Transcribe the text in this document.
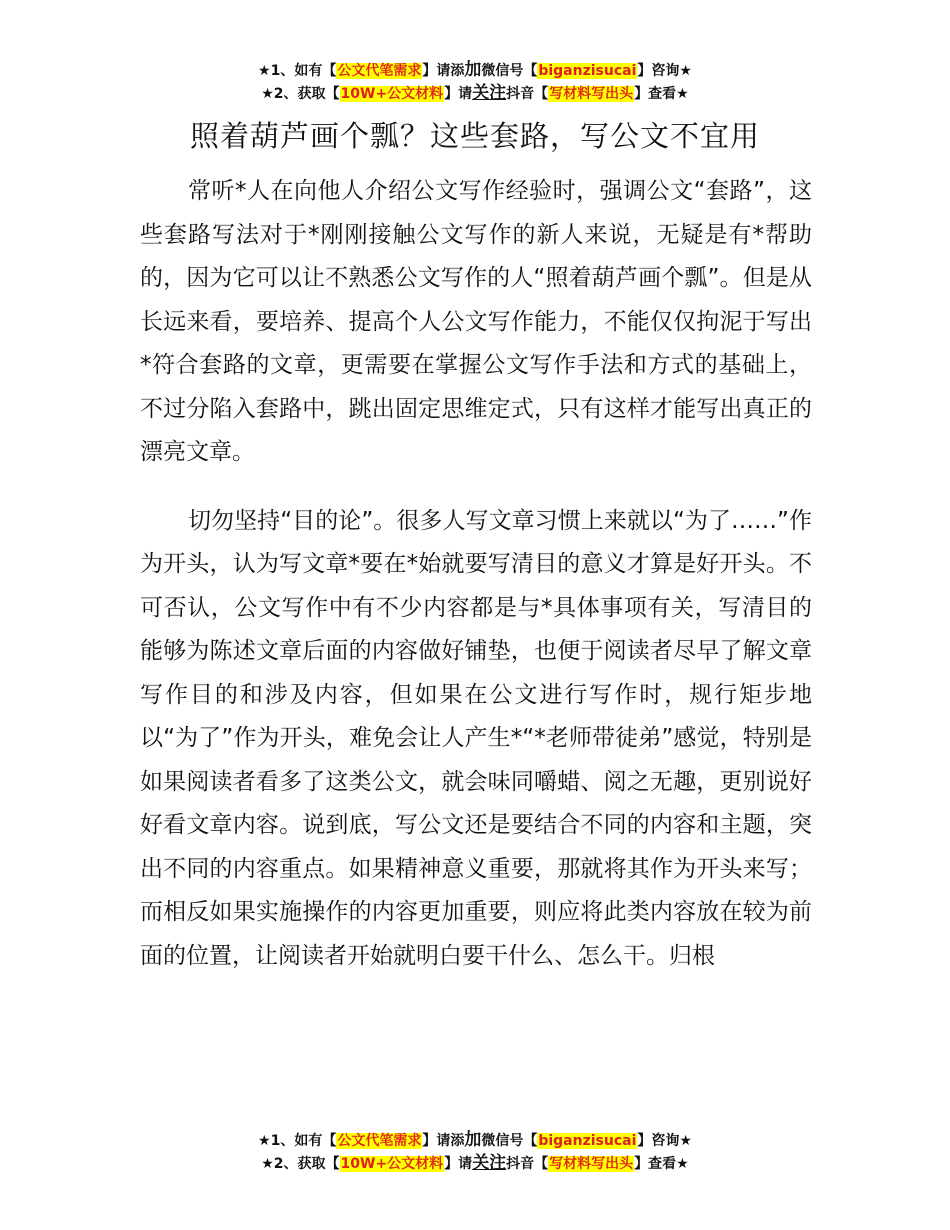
★1、如有【公文代笔需求】请添加微信号【biganzisucai】咨询★
★2、获取【10W+公文材料】请关注抖音【写材料写出头】查看★
照着葫芦画个瓢？这些套路，写公文不宜用

常听*人在向他人介绍公文写作经验时，强调公文“套路”，这些套路写法对于*刚刚接触公文写作的新人来说，无疑是有*帮助的，因为它可以让不熟悉公文写作的人“照着葫芦画个瓢”。但是从长远来看，要培养、提高个人公文写作能力，不能仅仅拘泥于写出*符合套路的文章，更需要在掌握公文写作手法和方式的基础上，不过分陷入套路中，跳出固定思维定式，只有这样才能写出真正的漂亮文章。

切勿坚持“目的论”。很多人写文章习惯上来就以“为了……”作为开头，认为写文章*要在*始就要写清目的意义才算是好开头。不可否认，公文写作中有不少内容都是与*具体事项有关，写清目的能够为陈述文章后面的内容做好铺垫，也便于阅读者尽早了解文章写作目的和涉及内容，但如果在公文进行写作时，规行矩步地以“为了”作为开头，难免会让人产生*“*老师带徒弟”感觉，特别是如果阅读者看多了这类公文，就会味同嚼蜡、阅之无趣，更别说好好看文章内容。说到底，写公文还是要结合不同的内容和主题，突出不同的内容重点。如果精神意义重要，那就将其作为开头来写；而相反如果实施操作的内容更加重要，则应将此类内容放在较为前面的位置，让阅读者开始就明白要干什么、怎么干。归根

★1、如有【公文代笔需求】请添加微信号【biganzisucai】咨询★
★2、获取【10W+公文材料】请关注抖音【写材料写出头】查看★
